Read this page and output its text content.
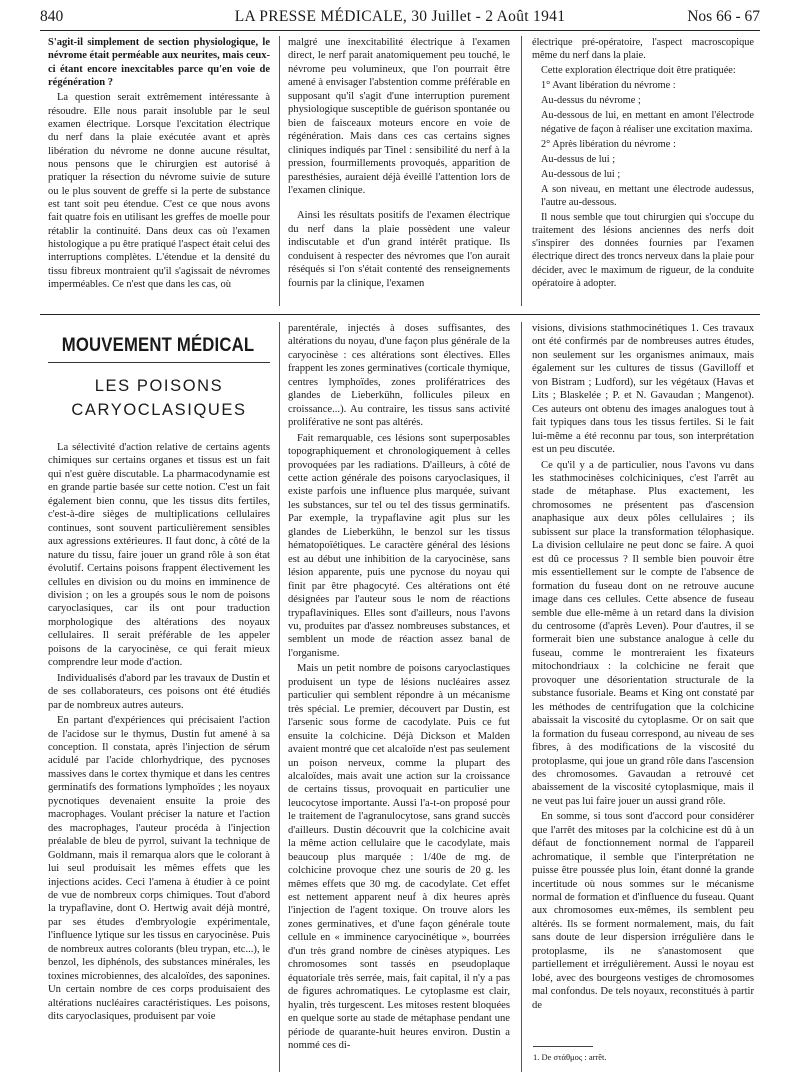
840	LA PRESSE MÉDICALE, 30 Juillet - 2 Août 1941	Nos 66 - 67

S'agit-il simplement de section physiologique, le névrome était perméable aux neurites, mais ceux-ci étant encore inexcitables parce qu'en voie de régénération ?

La question serait extrêmement intéressante à résoudre. Elle nous parait insoluble par le seul examen électrique. Lorsque l'excitation électrique du nerf dans la plaie exécutée avant et après libération du névrome ne donne aucune résultat, nous pensons que le chirurgien est autorisé à pratiquer la résection du névrome suivie de suture ou le plus souvent de greffe si la perte de substance est tant soit peu étendue. C'est ce que nous avons fait quatre fois en utilisant les greffes de moelle pour rétablir la continuité. Dans deux cas où l'examen histologique a pu être pratiqué l'aspect était celui des interruptions complètes. L'étendue et la densité du tissu fibreux montraient qu'il s'agissait de névromes imperméables. Ce n'est que dans les cas, où

malgré une inexcitabilité électrique à l'examen direct, le nerf parait anatomiquement peu touché, le névrome peu volumineux, que l'on pourrait être amené à envisager l'abstention comme préférable en supposant qu'il s'agit d'une interruption purement physiologique susceptible de guérison spontanée ou bien de faisceaux moteurs encore en voie de régénération. Mais dans ces cas certains signes cliniques indiqués par Tinel : sensibilité du nerf à la pression, fourmillements provoqués, apparition de paresthésies, auraient déjà éveillé l'attention lors de l'examen clinique.

Ainsi les résultats positifs de l'examen électrique du nerf dans la plaie possèdent une valeur indiscutable et d'un grand intérêt pratique. Ils conduisent à respecter des névromes que l'on aurait réséqués si l'on s'était contenté des renseignements fournis par la clinique, l'examen

électrique pré-opératoire, l'aspect macroscopique même du nerf dans la plaie.

Cette exploration électrique doit être pratiquée:

1° Avant libération du névrome :

Au-dessus du névrome ;

Au-dessous de lui, en mettant en amont l'électrode négative de façon à réaliser une excitation maxima.

2° Après libération du névrome :

Au-dessus de lui ;

Au-dessous de lui ;

A son niveau, en mettant une électrode audessus, l'autre au-dessous.

Il nous semble que tout chirurgien qui s'occupe du traitement des lésions anciennes des nerfs doit s'inspirer des données fournies par l'examen électrique direct des troncs nerveux dans la plaie pour décider, avec le maximum de rigueur, de la conduite opératoire à adopter.

MOUVEMENT MÉDICAL
LES POISONS
CARYOCLASIQUES

La sélectivité d'action relative de certains agents chimiques sur certains organes et tissus est un fait qui n'est guère discutable. La pharmacodynamie est en grande partie basée sur cette notion. C'est un fait également bien connu, que les tissus dits fertiles, c'est-à-dire sièges de multiplications cellulaires continues, sont souvent particulièrement sensibles aux agressions extérieures. Il faut donc, à côté de la nature du tissu, faire jouer un grand rôle à son état évolutif. Certains poisons frappent électivement les cellules en division ou du moins en imminence de division ; on les a groupés sous le nom de poisons caryoclasiques, car ils ont pour traduction morphologique des altérations des noyaux cellulaires. Il serait préférable de les appeler poisons de la caryocinèse, ce qui ferait mieux comprendre leur mode d'action.

Individualisés d'abord par les travaux de Dustin et de ses collaborateurs, ces poisons ont été étudiés par de nombreux autres auteurs.

En partant d'expériences qui précisaient l'action de l'acidose sur le thymus, Dustin fut amené à sa conception. Il constata, après l'injection de sérum acidulé par l'acide chlorhydrique, des pycnoses massives dans le cortex thymique et dans les centres germinatifs des formations lymphoïdes ; les noyaux pycnotiques devenaient ensuite la proie des macrophages. Voulant préciser la nature et l'action des macrophages, l'auteur procéda à l'injection préalable de bleu de pyrrol, suivant la technique de Goldmann, mais il remarqua alors que le colorant à lui seul produisait les mêmes effets que les injections acides. Ceci l'amena à étudier à ce point de vue de nombreux corps chimiques. Tout d'abord la trypaflavine, dont O. Hertwig avait déjà montré, par ses études d'embryologie expérimentale, l'influence lytique sur les tissus en caryocinèse. Puis de nombreux autres colorants (bleu trypan, etc...), le benzol, les diphénols, des substances minérales, les toxines microbiennes, des alcaloïdes, des saponines. Un certain nombre de ces corps produisaient des altérations nucléaires caractéristiques. Les poisons, dits caryoclasiques, produisent par voie

parentérale, injectés à doses suffisantes, des altérations du noyau, d'une façon plus générale de la caryocinèse : ces altérations sont électives. Elles frappent les zones germinatives (corticale thymique, centres lymphoïdes, zones prolifératrices des glandes de Lieberkühn, follicules pileux en croissance...). Au contraire, les tissus sans activité proliférative ne sont pas altérés.

Fait remarquable, ces lésions sont superposables topographiquement et chronologiquement à celles provoquées par les radiations. D'ailleurs, à côté de cette action générale des poisons caryoclasiques, il existe parfois une influence plus marquée, suivant les substances, sur tel ou tel des tissus germinatifs. Par exemple, la trypaflavine agit plus sur les glandes de Lieberkühn, le benzol sur les tissus hématopoïétiques. Le caractère général des lésions est au début une inhibition de la caryocinèse, sans lésion apparente, puis une pycnose du noyau qui finit par être phagocyté. Ces altérations ont été désignées par l'auteur sous le nom de réactions trypaflaviniques. Elles sont d'ailleurs, nous l'avons vu, produites par d'assez nombreuses substances, et semblent un mode de réaction assez banal de l'organisme.

Mais un petit nombre de poisons caryoclastiques produisent un type de lésions nucléaires assez particulier qui semblent répondre à un mécanisme très spécial. Le premier, découvert par Dustin, est l'arsenic sous forme de cacodylate. Puis ce fut ensuite la colchicine. Déjà Dickson et Malden avaient montré que cet alcaloïde n'est pas seulement un poison nerveux, comme la plupart des alcaloïdes, mais avait une action sur la croissance de certains tissus, provoquait en particulier une leucocytose importante. Aussi l'a-t-on proposé pour le traitement de l'agranulocytose, sans grand succès d'ailleurs. Dustin découvrit que la colchicine avait la même action cellulaire que le cacodylate, mais beaucoup plus marquée : 1/40e de mg. de colchicine provoque chez une souris de 20 g. les mêmes effets que 30 mg. de cacodylate. Cet effet est nettement apparent neuf à dix heures après l'injection de l'agent toxique. On trouve alors les zones germinatives, et d'une façon générale toute cellule en « imminence caryocinétique », bourrées d'un très grand nombre de cinèses atypiques. Les chromosomes sont tassés en pseudoplaque équatoriale très serrée, mais, fait capital, il n'y a pas de figures achromatiques. Le cytoplasme est clair, hyalin, très turgescent. Les mitoses restent bloquées en quelque sorte au stade de métaphase pendant une période de quarante-huit heures environ. Dustin a nommé ces di-

visions, divisions stathmocinétiques 1. Ces travaux ont été confirmés par de nombreuses autres études, non seulement sur les organismes animaux, mais également sur les cultures de tissus (Gavilloff et von Bistram ; Ludford), sur les végétaux (Havas et Lits ; Blaskelée ; P. et N. Gavaudan ; Mangenot). Ces auteurs ont obtenu des images analogues tout à fait typiques dans tous les tissus fertiles. Si le fait lui-même a été reconnu par tous, son interprétation est un peu discutée.

Ce qu'il y a de particulier, nous l'avons vu dans les stathmocinèses colchiciniques, c'est l'arrêt au stade de métaphase. Plus exactement, les chromosomes ne présentent pas d'ascension anaphasique aux deux pôles cellulaires ; ils subissent sur place la transformation télophasique. La division cellulaire ne peut donc se faire. A quoi est dû ce processus ? Il semble bien pouvoir être mis essentiellement sur le compte de l'absence de formation du fuseau dont on ne retrouve aucune image dans ces cellules. Cette absence de fuseau semble due elle-même à un retard dans la division du centrosome (d'après Leven). Pour d'autres, il se formerait bien une substance analogue à celle du fuseau, comme le montreraient les fixateurs mitochondriaux : la colchicine ne ferait que provoquer une désorientation structurale de la substance fusoriale. Beams et King ont constaté par les méthodes de centrifugation que la colchicine abaissait la viscosité du cytoplasme. Or on sait que la formation du fuseau correspond, au niveau de ses fibres, à des modifications de la viscosité du protoplasme, qui joue un grand rôle dans l'ascension des chromosomes. Gavaudan a retrouvé cet abaissement de la viscosité cytoplasmique, mais il ne veut pas lui faire jouer un aussi grand rôle.

En somme, si tous sont d'accord pour considérer que l'arrêt des mitoses par la colchicine est dû à un défaut de fonctionnement normal de l'appareil achromatique, il semble que l'interprétation ne puisse être poussée plus loin, étant donné la grande incertitude où nous sommes sur le mécanisme normal de formation et d'influence du fuseau. Quant aux chromosomes eux-mêmes, ils semblent peu altérés. Ils se forment normalement, mais, du fait sans doute de leur dispersion irrégulière dans le protoplasme, ils ne s'anastomosent que partiellement et irrégulièrement. Aussi le noyau est lobé, avec des bourgeons vestiges de chromosomes mal confondus. De tels noyaux, reconstitués à partir de

1. De στάθμος : arrêt.
